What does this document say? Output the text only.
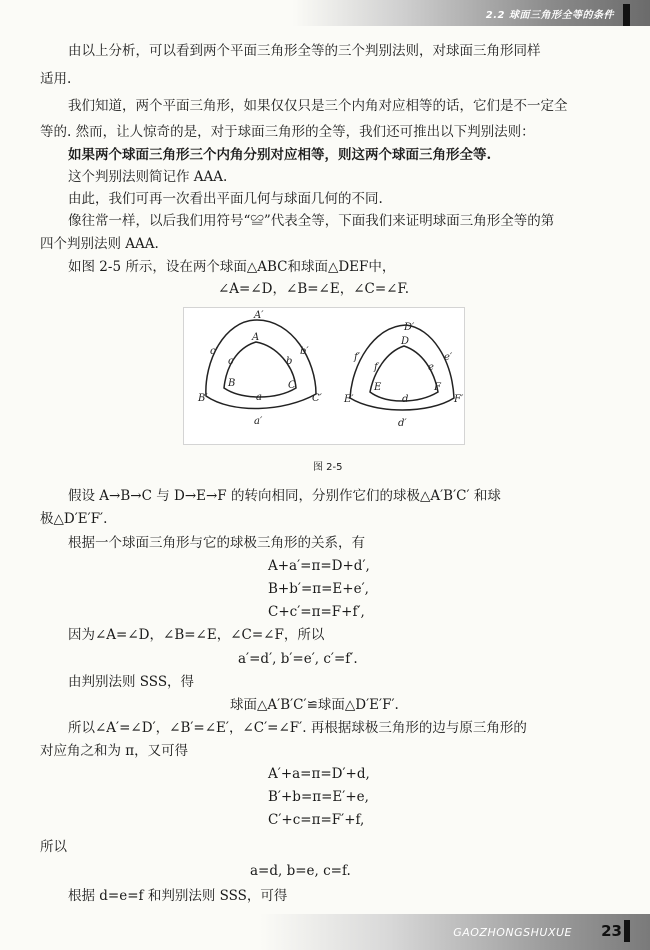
2.2 球面三角形全等的条件
由以上分析，可以看到两个平面三角形全等的三个判别法则，对球面三角形同样
适用.
我们知道，两个平面三角形，如果仅仅只是三个内角对应相等的话，它们是不一定全
等的. 然而，让人惊奇的是，对于球面三角形的全等，我们还可推出以下判别法则：
如果两个球面三角形三个内角分别对应相等，则这两个球面三角形全等.
这个判别法则简记作 AAA.
由此，我们可再一次看出平面几何与球面几何的不同.
像往常一样，以后我们用符号“≌”代表全等，下面我们来证明球面三角形全等的第
四个判别法则 AAA.
如图 2-5 所示，设在两个球面△ABC和球面△DEF中，
∠A=∠D，∠B=∠E，∠C=∠F.
A′
B′	C′
A
B	C
a′
b′
c′
a
b
c
D′
E′	F′
D
E	F
d′
e′
f′
d
e
f
图 2-5
假设 A→B→C 与 D→E→F 的转向相同，分别作它们的球极△A′B′C′ 和球
极△D′E′F′.
根据一个球面三角形与它的球极三角形的关系，有
A+a′=π=D+d′,
B+b′=π=E+e′,
C+c′=π=F+f′,
因为∠A=∠D，∠B=∠E，∠C=∠F，所以
a′=d′, b′=e′, c′=f′.
由判别法则 SSS，得
球面△A′B′C′≌球面△D′E′F′.
所以∠A′=∠D′，∠B′=∠E′，∠C′=∠F′. 再根据球极三角形的边与原三角形的
对应角之和为 π，又可得
A′+a=π=D′+d,
B′+b=π=E′+e,
C′+c=π=F′+f,
所以
a=d, b=e, c=f.
根据 d=e=f 和判别法则 SSS，可得
GAOZHONGSHUXUE 23
